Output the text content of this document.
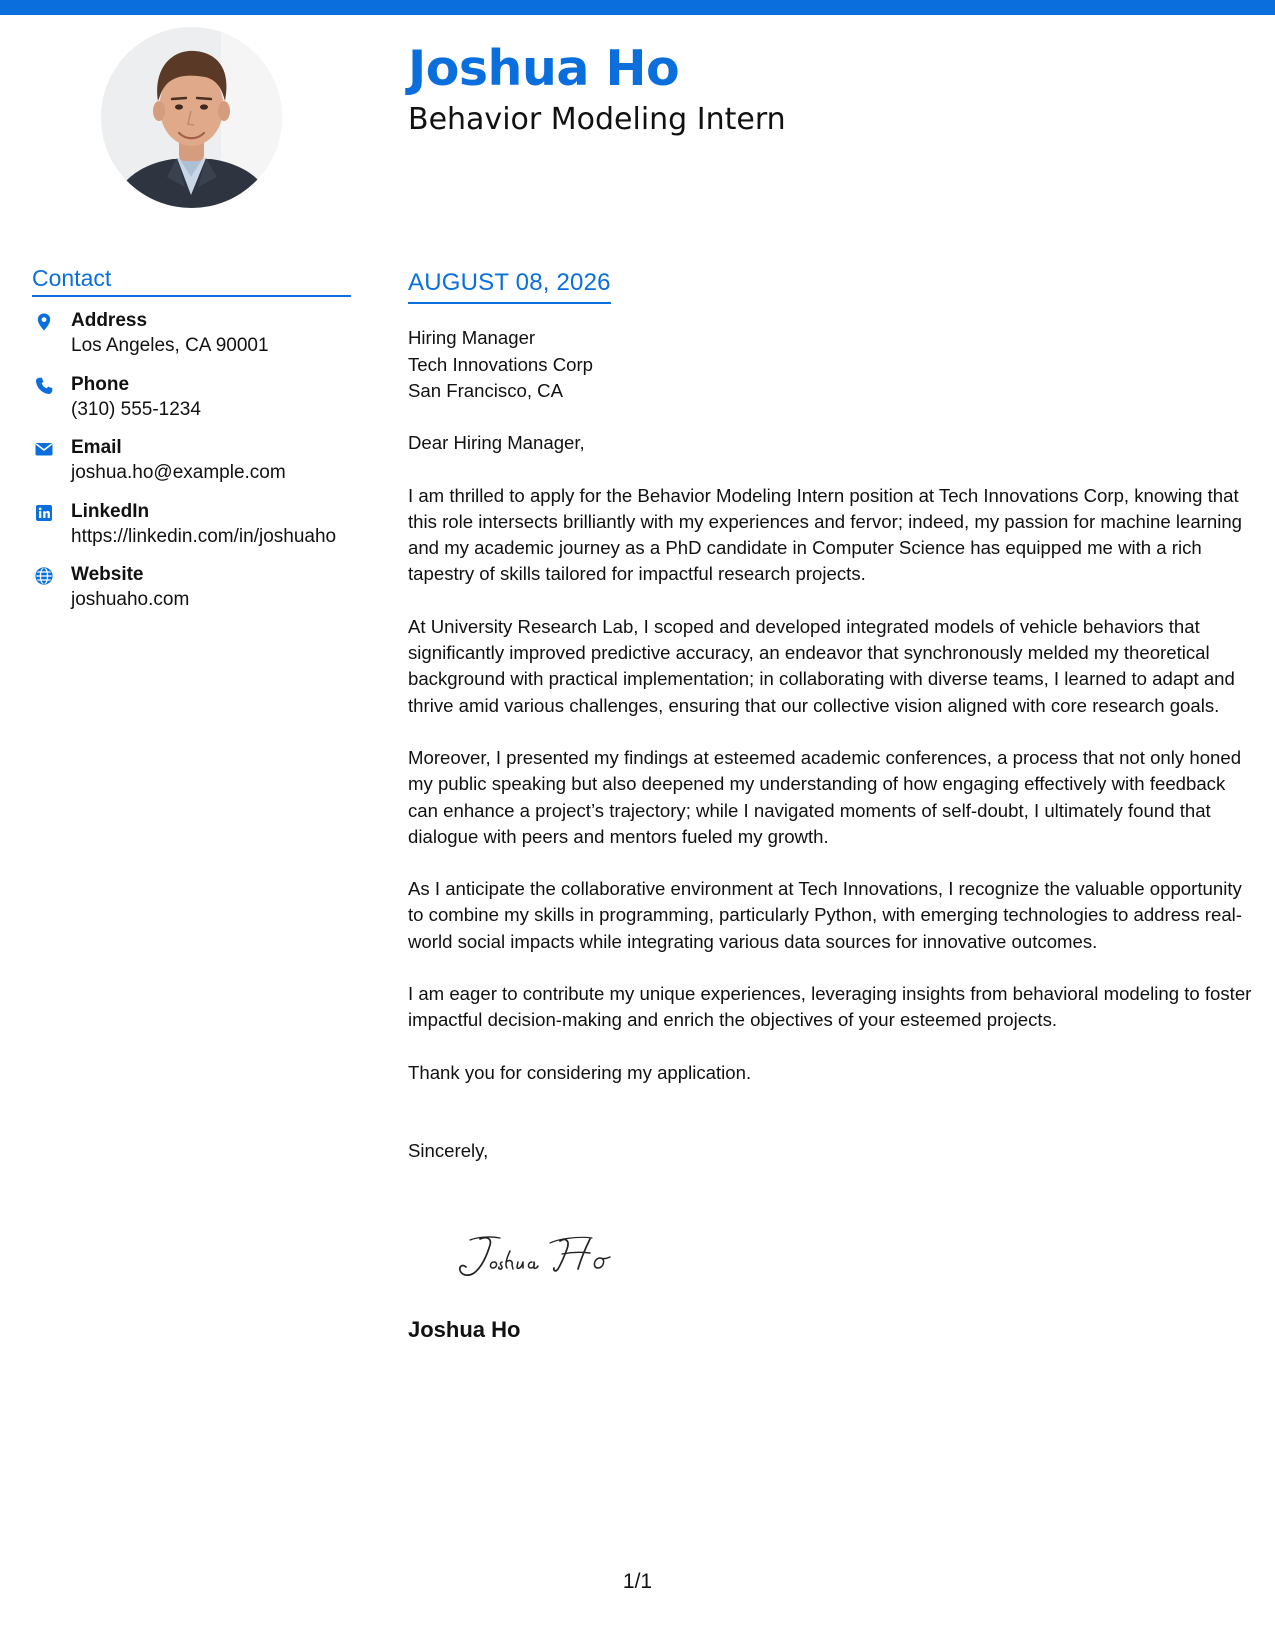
Joshua Ho
Behavior Modeling Intern
Contact
Address
Los Angeles, CA 90001
Phone
(310) 555-1234
Email
joshua.ho@example.com
LinkedIn
https://linkedin.com/in/joshuaho
Website
joshuaho.com
AUGUST 08, 2026
Hiring Manager
Tech Innovations Corp
San Francisco, CA
Dear Hiring Manager,

I am thrilled to apply for the Behavior Modeling Intern position at Tech Innovations Corp, knowing that this role intersects brilliantly with my experiences and fervor; indeed, my passion for machine learning and my academic journey as a PhD candidate in Computer Science has equipped me with a rich tapestry of skills tailored for impactful research projects.

At University Research Lab, I scoped and developed integrated models of vehicle behaviors that significantly improved predictive accuracy, an endeavor that synchronously melded my theoretical background with practical implementation; in collaborating with diverse teams, I learned to adapt and thrive amid various challenges, ensuring that our collective vision aligned with core research goals.

Moreover, I presented my findings at esteemed academic conferences, a process that not only honed my public speaking but also deepened my understanding of how engaging effectively with feedback can enhance a project’s trajectory; while I navigated moments of self-doubt, I ultimately found that dialogue with peers and mentors fueled my growth.

As I anticipate the collaborative environment at Tech Innovations, I recognize the valuable opportunity to combine my skills in programming, particularly Python, with emerging technologies to address real-world social impacts while integrating various data sources for innovative outcomes.

I am eager to contribute my unique experiences, leveraging insights from behavioral modeling to foster impactful decision-making and enrich the objectives of your esteemed projects.

Thank you for considering my application.

Sincerely,
Joshua Ho
1/1
